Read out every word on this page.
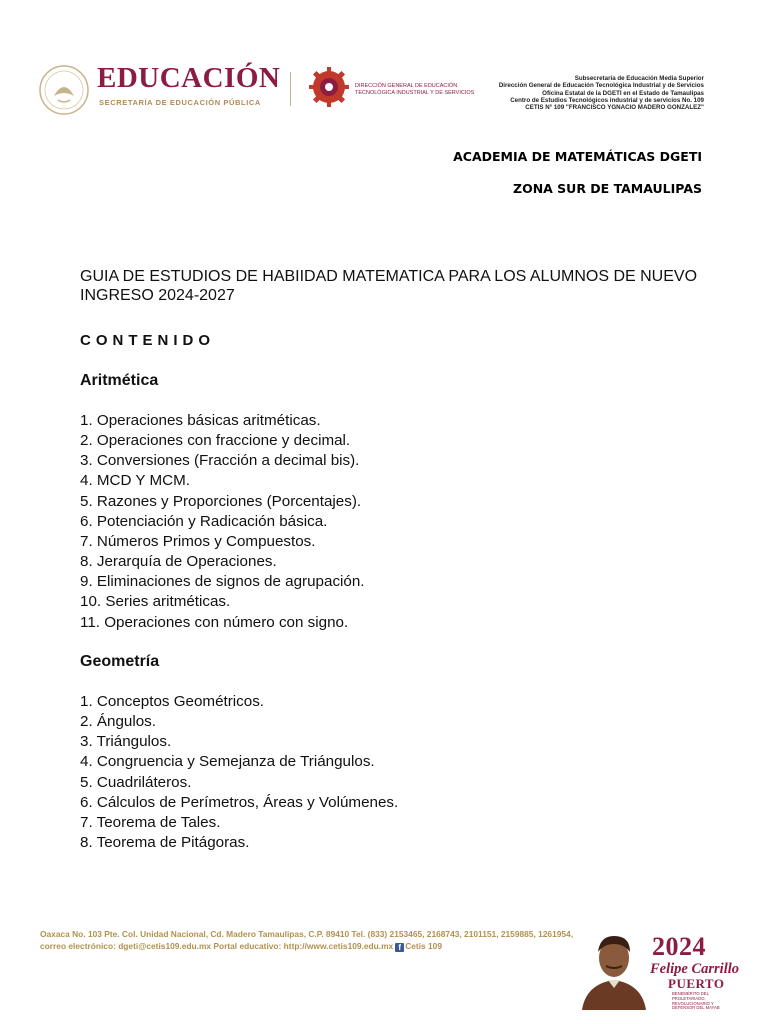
EDUCACIÓN
SECRETARÍA DE EDUCACIÓN PÚBLICA
DIRECCIÓN GENERAL DE EDUCACIÓN TECNOLÓGICA INDUSTRIAL Y DE SERVICIOS
Subsecretaría de Educación Media Superior
Dirección General de Educación Tecnológica Industrial y de Servicios
Oficina Estatal de la DGETI en el Estado de Tamaulipas
Centro de Estudios Tecnológicos industrial y de servicios No. 109
CETIS N° 109 "FRANCISCO YGNACIO MADERO GONZALEZ"
ACADEMIA DE MATEMÁTICAS DGETI
ZONA SUR DE TAMAULIPAS
GUIA DE ESTUDIOS DE HABIIDAD MATEMATICA PARA LOS ALUMNOS DE NUEVO INGRESO 2024-2027
CONTENIDO
Aritmética
1. Operaciones básicas aritméticas.
2. Operaciones con fraccione y decimal.
3. Conversiones (Fracción a decimal bis).
4. MCD Y MCM.
5. Razones y Proporciones (Porcentajes).
6. Potenciación y Radicación básica.
7. Números Primos y Compuestos.
8. Jerarquía de Operaciones.
9. Eliminaciones de signos de agrupación.
10. Series aritméticas.
11. Operaciones con número con signo.
Geometría
1. Conceptos Geométricos.
2. Ángulos.
3. Triángulos.
4. Congruencia y Semejanza de Triángulos.
5. Cuadriláteros.
6. Cálculos de Perímetros, Áreas y Volúmenes.
7. Teorema de Tales.
8. Teorema de Pitágoras.
Oaxaca No. 103 Pte. Col. Unidad Nacional, Cd. Madero Tamaulipas, C.P. 89410 Tel. (833) 2153465, 2168743, 2101151, 2159885, 1261954, correo electrónico: dgeti@cetis109.edu.mx Portal educativo: http://www.cetis109.edu.mx f Cetis 109	2024
Felipe Carrillo
PUERTO
BENEMÉRITO DEL PROLETARIADO, REVOLUCIONARIO Y DEFENSOR DEL MAYAB
